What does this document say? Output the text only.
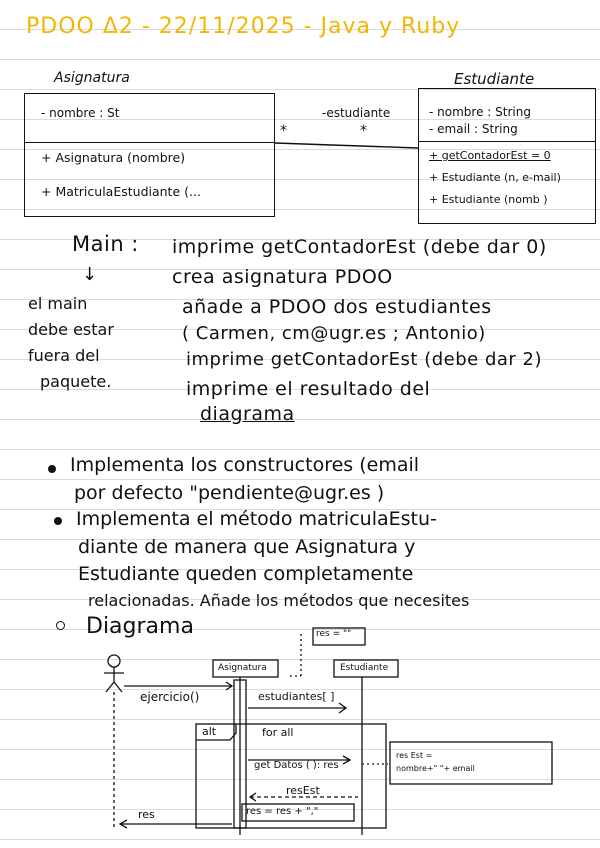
PDOO Δ2 - 22/11/2025 - Java y Ruby
Asignatura	Estudiante
- nombre : St
+ Asignatura (nombre)
+ MatriculaEstudiante (...
- nombre : String
- email : String
+ getContadorEst = 0
+ Estudiante (n, e-mail)
+ Estudiante (nomb )
-estudiante
*	*
Main :
↓
el main
debe estar
fuera del
paquete.
imprime getContadorEst (debe dar 0)
crea asignatura PDOO
añade a PDOO dos estudiantes
( Carmen, cm@ugr.es ; Antonio)
imprime getContadorEst (debe dar 2)
imprime el resultado del
diagrama
Implementa los constructores (email
por defecto "pendiente@ugr.es )
Implementa el método matriculaEstu-
diante de manera que Asignatura y
Estudiante queden completamente
relacionadas. Añade los métodos que necesites
Diagrama	res = ""
Asignatura	Estudiante
ejercicio()	estudiantes[ ]
alt	for all
get Datos ( ): res
resEst
res Est =
nombre+" "+ email
res = res + ","
res
